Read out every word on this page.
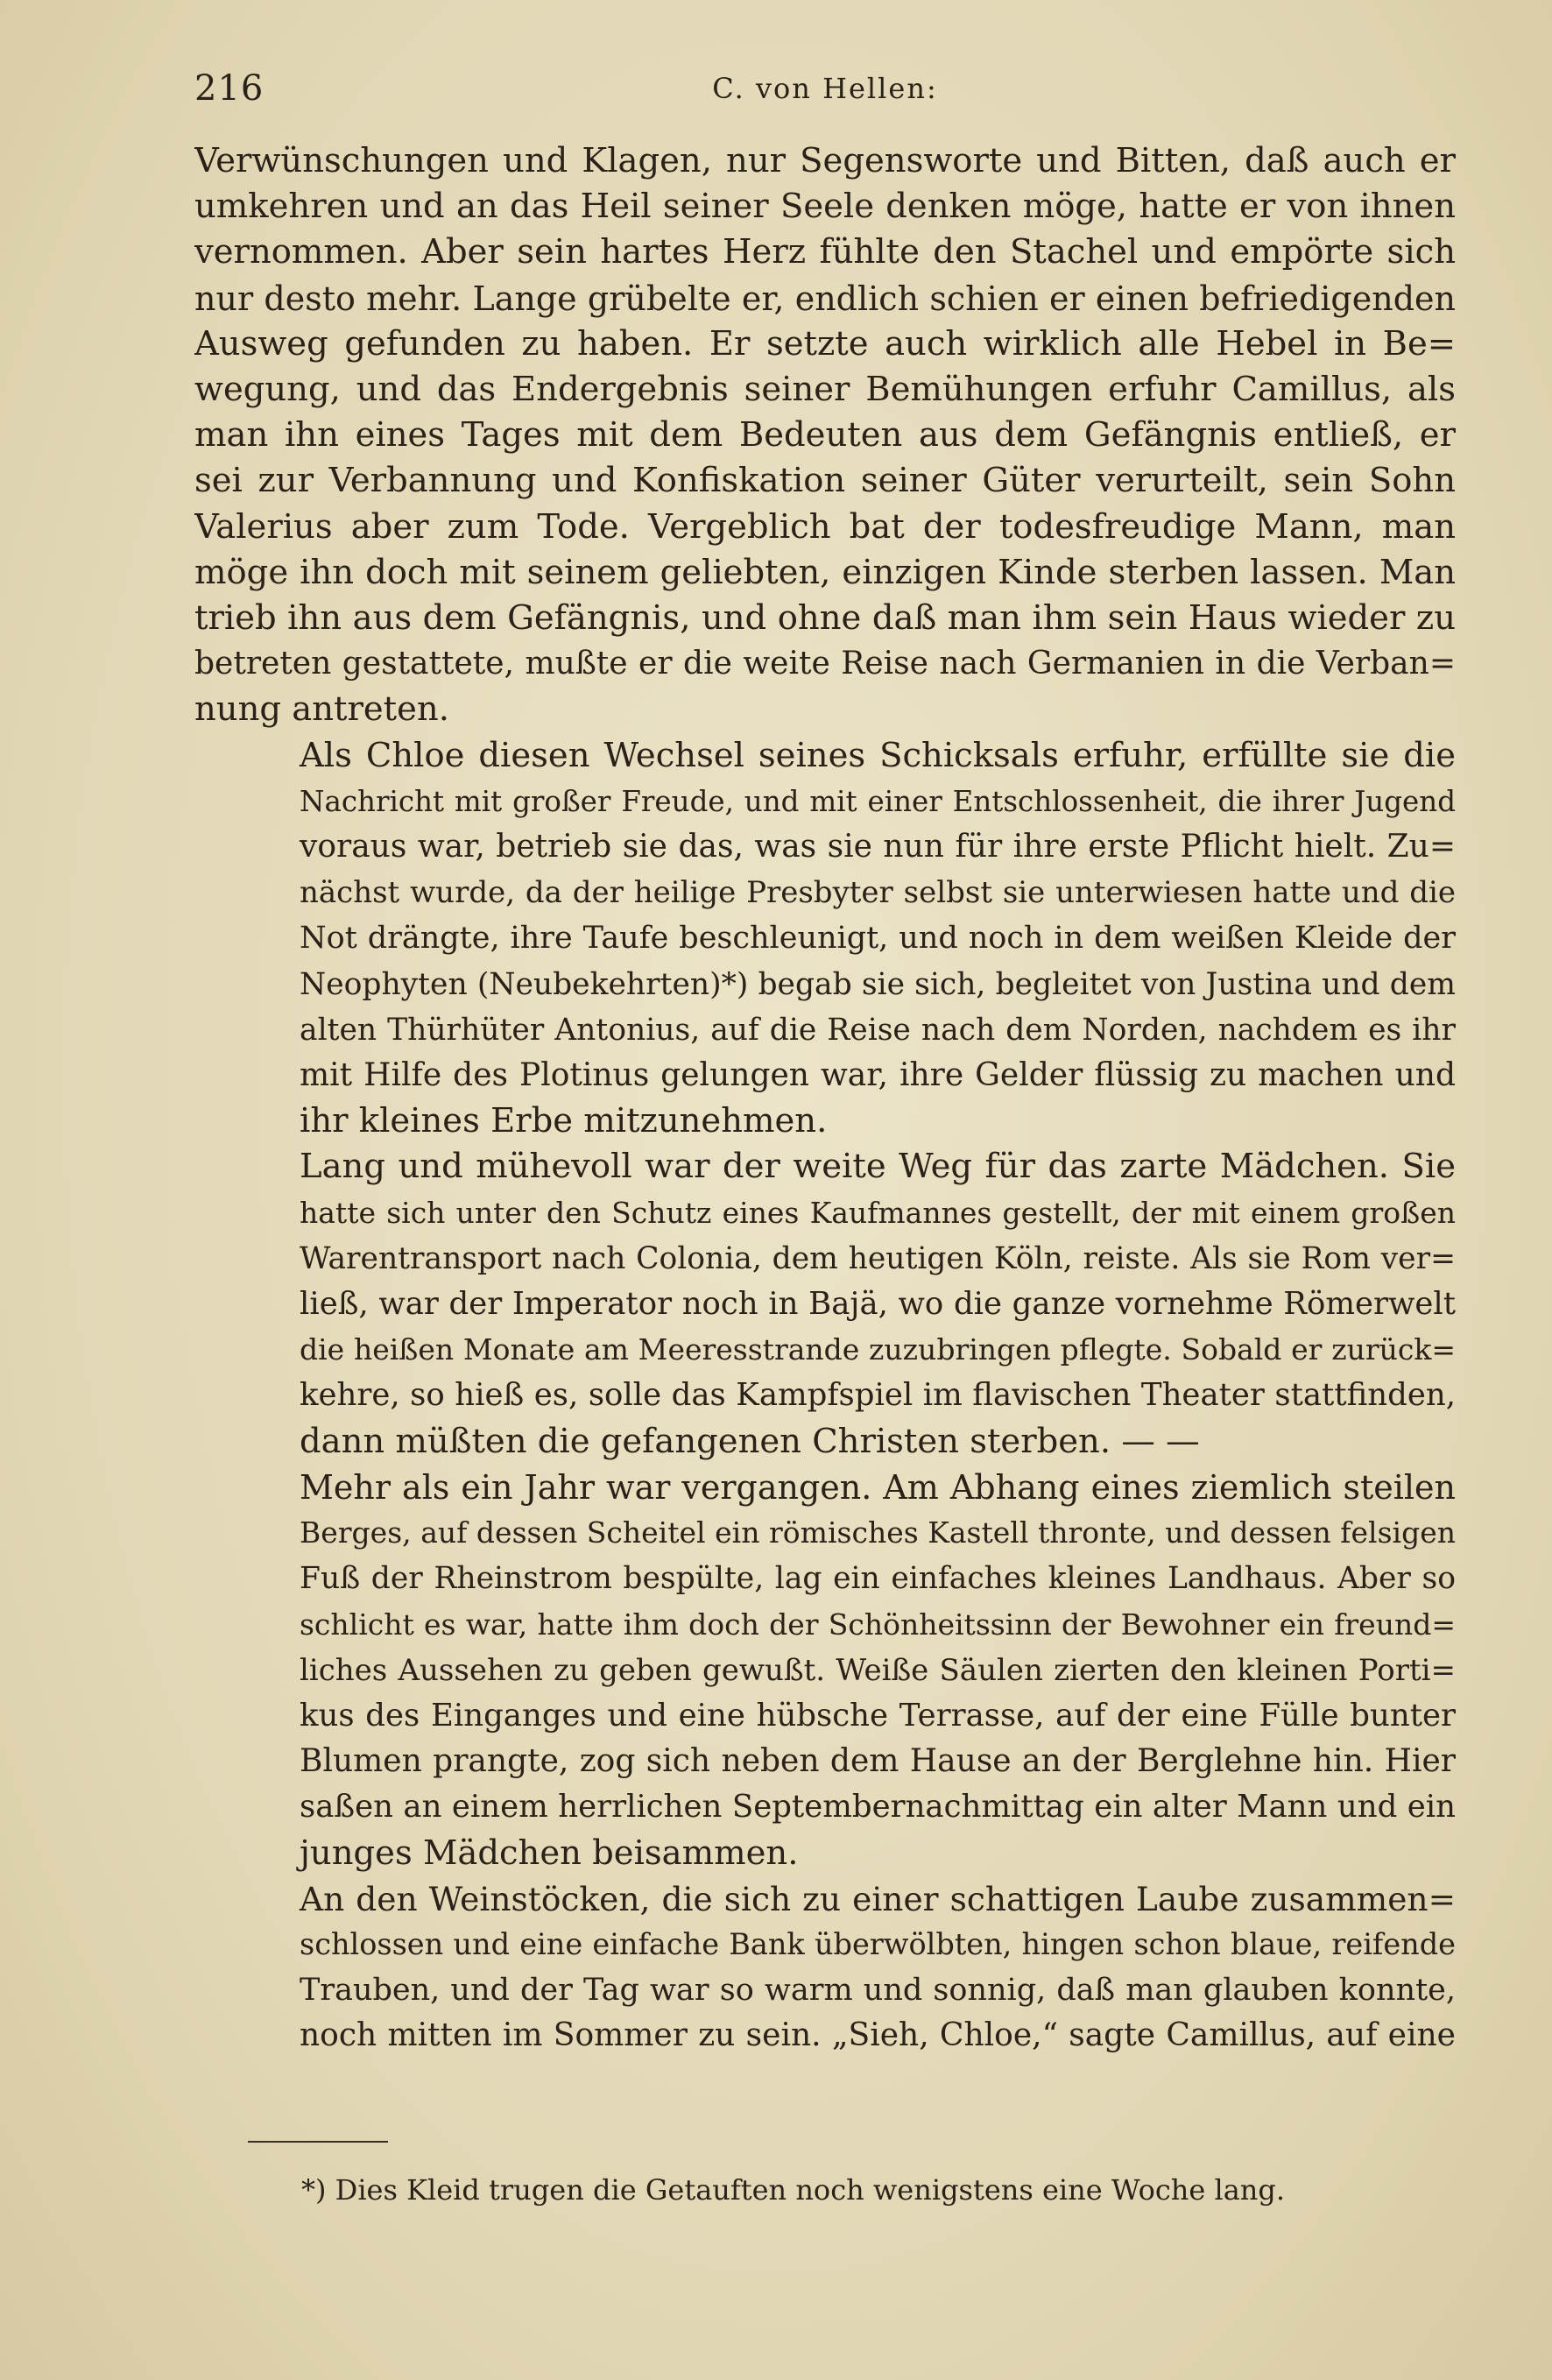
216	C. von Hellen:

Verwünschungen und Klagen, nur Segensworte und Bitten, daß auch er
umkehren und an das Heil seiner Seele denken möge, hatte er von ihnen
vernommen. Aber sein hartes Herz fühlte den Stachel und empörte sich
nur desto mehr. Lange grübelte er, endlich schien er einen befriedigenden
Ausweg gefunden zu haben. Er setzte auch wirklich alle Hebel in Be=
wegung, und das Endergebnis seiner Bemühungen erfuhr Camillus, als
man ihn eines Tages mit dem Bedeuten aus dem Gefängnis entließ, er
sei zur Verbannung und Konfiskation seiner Güter verurteilt, sein Sohn
Valerius aber zum Tode. Vergeblich bat der todesfreudige Mann, man
möge ihn doch mit seinem geliebten, einzigen Kinde sterben lassen. Man
trieb ihn aus dem Gefängnis, und ohne daß man ihm sein Haus wieder zu
betreten gestattete, mußte er die weite Reise nach Germanien in die Verban=
nung antreten.

Als Chloe diesen Wechsel seines Schicksals erfuhr, erfüllte sie die
Nachricht mit großer Freude, und mit einer Entschlossenheit, die ihrer Jugend
voraus war, betrieb sie das, was sie nun für ihre erste Pflicht hielt. Zu=
nächst wurde, da der heilige Presbyter selbst sie unterwiesen hatte und die
Not drängte, ihre Taufe beschleunigt, und noch in dem weißen Kleide der
Neophyten (Neubekehrten)*) begab sie sich, begleitet von Justina und dem
alten Thürhüter Antonius, auf die Reise nach dem Norden, nachdem es ihr
mit Hilfe des Plotinus gelungen war, ihre Gelder flüssig zu machen und
ihr kleines Erbe mitzunehmen.

Lang und mühevoll war der weite Weg für das zarte Mädchen. Sie
hatte sich unter den Schutz eines Kaufmannes gestellt, der mit einem großen
Warentransport nach Colonia, dem heutigen Köln, reiste. Als sie Rom ver=
ließ, war der Imperator noch in Bajä, wo die ganze vornehme Römerwelt
die heißen Monate am Meeresstrande zuzubringen pflegte. Sobald er zurück=
kehre, so hieß es, solle das Kampfspiel im flavischen Theater stattfinden,
dann müßten die gefangenen Christen sterben. — —

Mehr als ein Jahr war vergangen. Am Abhang eines ziemlich steilen
Berges, auf dessen Scheitel ein römisches Kastell thronte, und dessen felsigen
Fuß der Rheinstrom bespülte, lag ein einfaches kleines Landhaus. Aber so
schlicht es war, hatte ihm doch der Schönheitssinn der Bewohner ein freund=
liches Aussehen zu geben gewußt. Weiße Säulen zierten den kleinen Porti=
kus des Einganges und eine hübsche Terrasse, auf der eine Fülle bunter
Blumen prangte, zog sich neben dem Hause an der Berglehne hin. Hier
saßen an einem herrlichen Septembernachmittag ein alter Mann und ein
junges Mädchen beisammen.

An den Weinstöcken, die sich zu einer schattigen Laube zusammen=
schlossen und eine einfache Bank überwölbten, hingen schon blaue, reifende
Trauben, und der Tag war so warm und sonnig, daß man glauben konnte,
noch mitten im Sommer zu sein. „Sieh, Chloe,“ sagte Camillus, auf eine

*) Dies Kleid trugen die Getauften noch wenigstens eine Woche lang.
